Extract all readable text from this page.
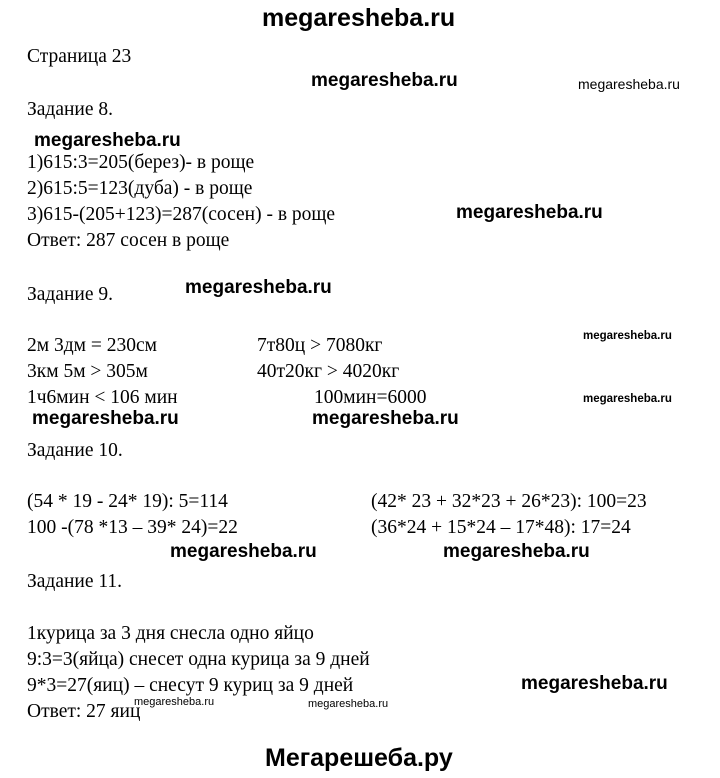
megaresheba.ru
Страница 23
megaresheba.ru	megaresheba.ru
Задание 8.
megaresheba.ru
1)615:3=205(берез)- в роще
2)615:5=123(дуба) - в роще
3)615-(205+123)=287(сосен) - в роще	megaresheba.ru
Ответ: 287 сосен в роще
Задание 9.	megaresheba.ru
megaresheba.ru
2м 3дм = 230см	7т80ц > 7080кг
3км 5м > 305м	40т20кг > 4020кг
1ч6мин < 106 мин	100мин=6000	megaresheba.ru
megaresheba.ru	megaresheba.ru
Задание 10.
(54 * 19 - 24* 19): 5=114	(42* 23 + 32*23 + 26*23): 100=23
100 -(78 *13 – 39* 24)=22	(36*24 + 15*24 – 17*48): 17=24
megaresheba.ru	megaresheba.ru
Задание 11.
1курица за 3 дня снесла одно яйцо
9:3=3(яйца) снесет одна курица за 9 дней
9*3=27(яиц) – снесут 9 куриц за 9 дней	megaresheba.ru
megaresheba.ru	megaresheba.ru
Ответ: 27 яиц
Мегарешеба.ру
